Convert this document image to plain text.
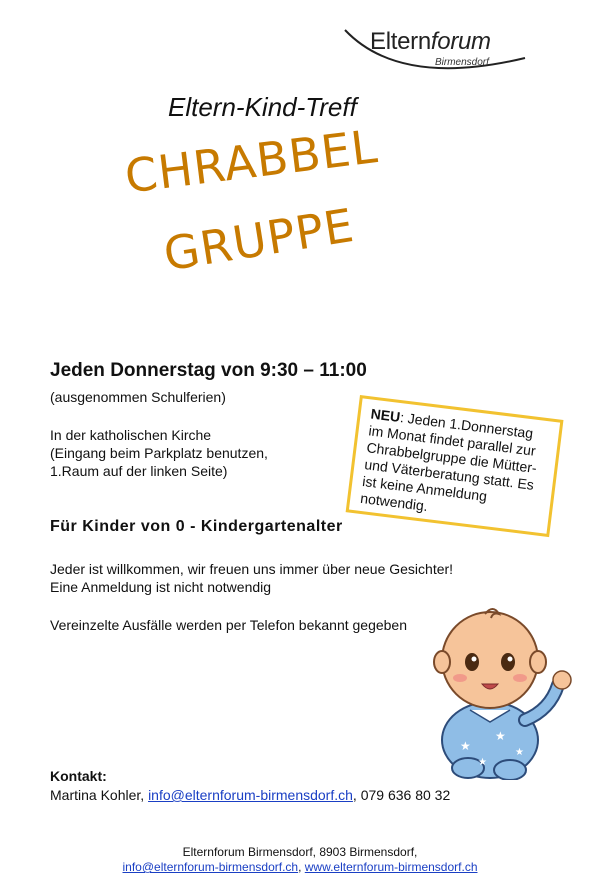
Elternforum
Birmensdorf
Eltern-Kind-Treff
CHRABBEL
GRUPPE
Jeden Donnerstag von 9:30 – 11:00
(ausgenommen Schulferien)
In der katholischen Kirche
(Eingang beim Parkplatz benutzen,
1.Raum auf der linken Seite)
NEU: Jeden 1.Donnerstag im Monat findet parallel zur Chrabbelgruppe die Mütter- und Väterberatung statt. Es ist keine Anmeldung notwendig.
Für Kinder von 0 - Kindergartenalter
Jeder ist willkommen, wir freuen uns immer über neue Gesichter!
Eine Anmeldung ist nicht notwendig
Vereinzelte Ausfälle werden per Telefon bekannt gegeben
★
★
★
★
Kontakt:
Martina Kohler, info@elternforum-birmensdorf.ch, 079 636 80 32
Elternforum Birmensdorf, 8903 Birmensdorf,
info@elternforum-birmensdorf.ch, www.elternforum-birmensdorf.ch
